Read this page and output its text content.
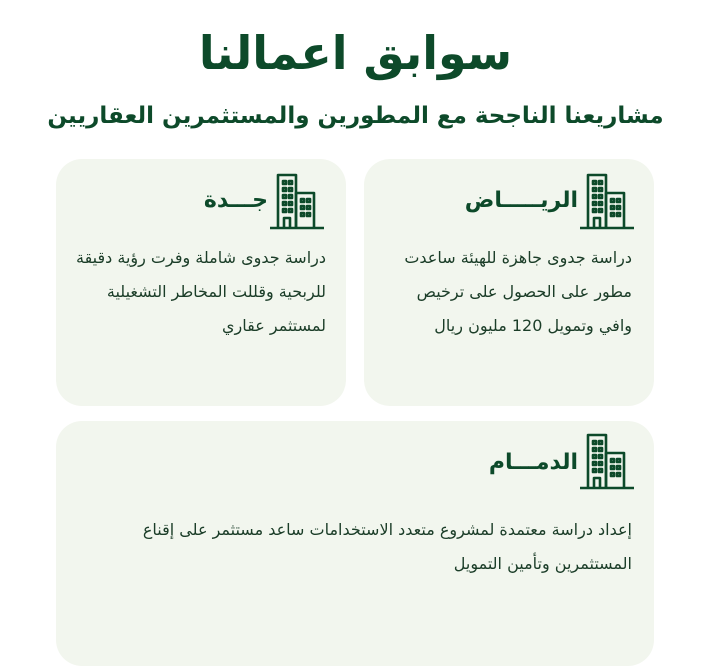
سوابق اعمالنا
مشاريعنا الناجحة مع المطورين والمستثمرين العقاريين
الريـــــاض

دراسة جدوى جاهزة للهيئة ساعدت مطور على الحصول على ترخيص وافي وتمويل 120 مليون ريال

جـــدة

دراسة جدوى شاملة وفرت رؤية دقيقة للربحية وقللت المخاطر التشغيلية لمستثمر عقاري

الدمـــام

إعداد دراسة معتمدة لمشروع متعدد الاستخدامات ساعد مستثمر على إقناع المستثمرين وتأمين التمويل
